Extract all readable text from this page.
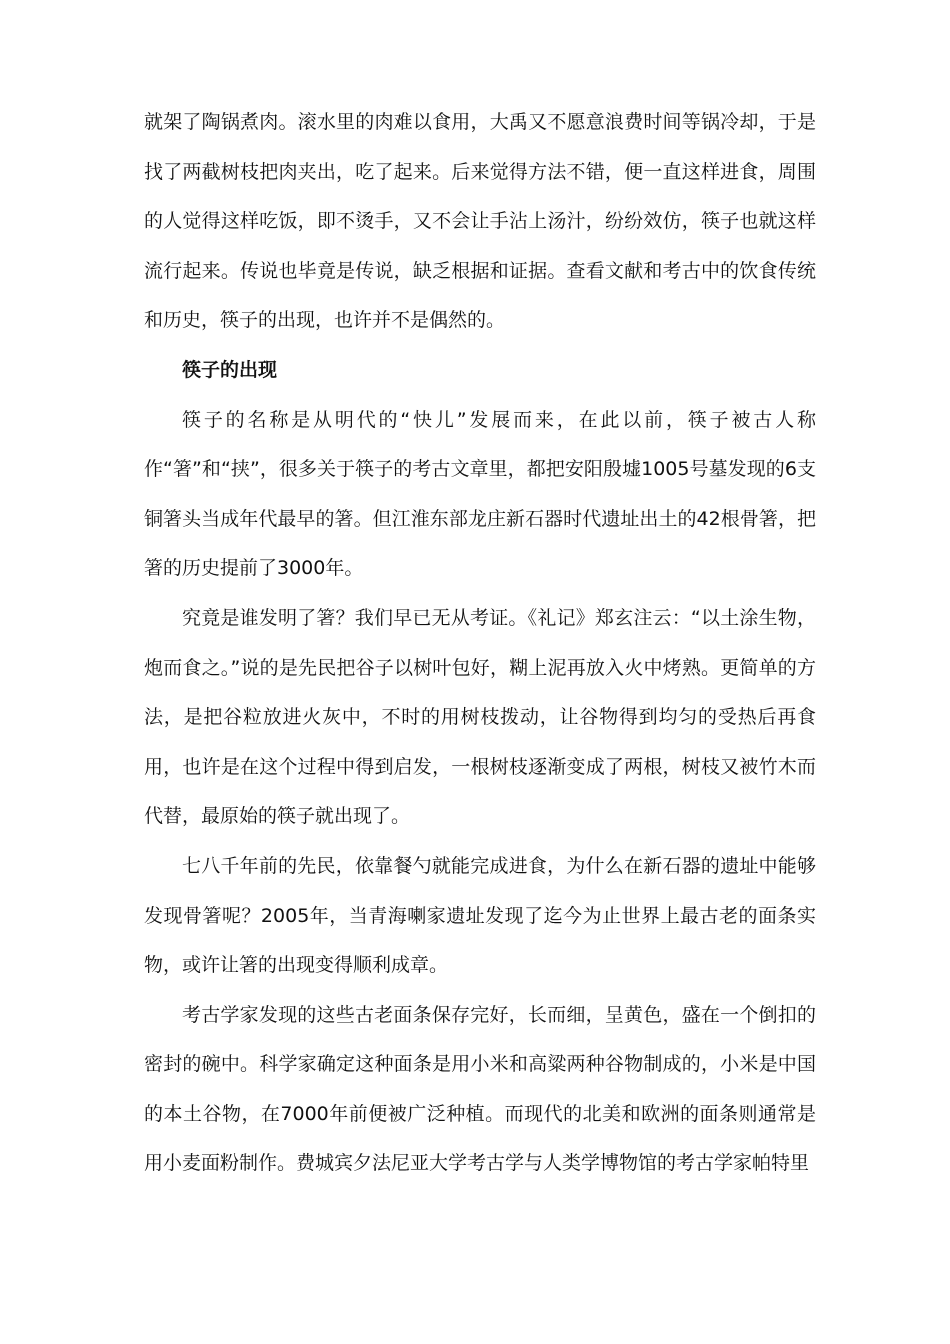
就架了陶锅煮肉。滚水里的肉难以食用，大禹又不愿意浪费时间等锅冷却，于是找了两截树枝把肉夹出，吃了起来。后来觉得方法不错，便一直这样进食，周围的人觉得这样吃饭，即不烫手，又不会让手沾上汤汁，纷纷效仿，筷子也就这样流行起来。传说也毕竟是传说，缺乏根据和证据。查看文献和考古中的饮食传统和历史，筷子的出现，也许并不是偶然的。

筷子的出现

筷子的名称是从明代的“快儿”发展而来，在此以前，筷子被古人称作“箸”和“挟”，很多关于筷子的考古文章里，都把安阳殷墟1005号墓发现的6支铜箸头当成年代最早的箸。但江淮东部龙庄新石器时代遗址出土的42根骨箸，把箸的历史提前了3000年。

究竟是谁发明了箸？我们早已无从考证。《礼记》郑玄注云：“以土涂生物，炮而食之。”说的是先民把谷子以树叶包好，糊上泥再放入火中烤熟。更简单的方法，是把谷粒放进火灰中，不时的用树枝拨动，让谷物得到均匀的受热后再食用，也许是在这个过程中得到启发，一根树枝逐渐变成了两根，树枝又被竹木而代替，最原始的筷子就出现了。

七八千年前的先民，依靠餐勺就能完成进食，为什么在新石器的遗址中能够发现骨箸呢？2005年，当青海喇家遗址发现了迄今为止世界上最古老的面条实物，或许让箸的出现变得顺利成章。

考古学家发现的这些古老面条保存完好，长而细，呈黄色，盛在一个倒扣的密封的碗中。科学家确定这种面条是用小米和高粱两种谷物制成的，小米是中国的本土谷物，在7000年前便被广泛种植。而现代的北美和欧洲的面条则通常是用小麦面粉制作。费城宾夕法尼亚大学考古学与人类学博物馆的考古学家帕特里
